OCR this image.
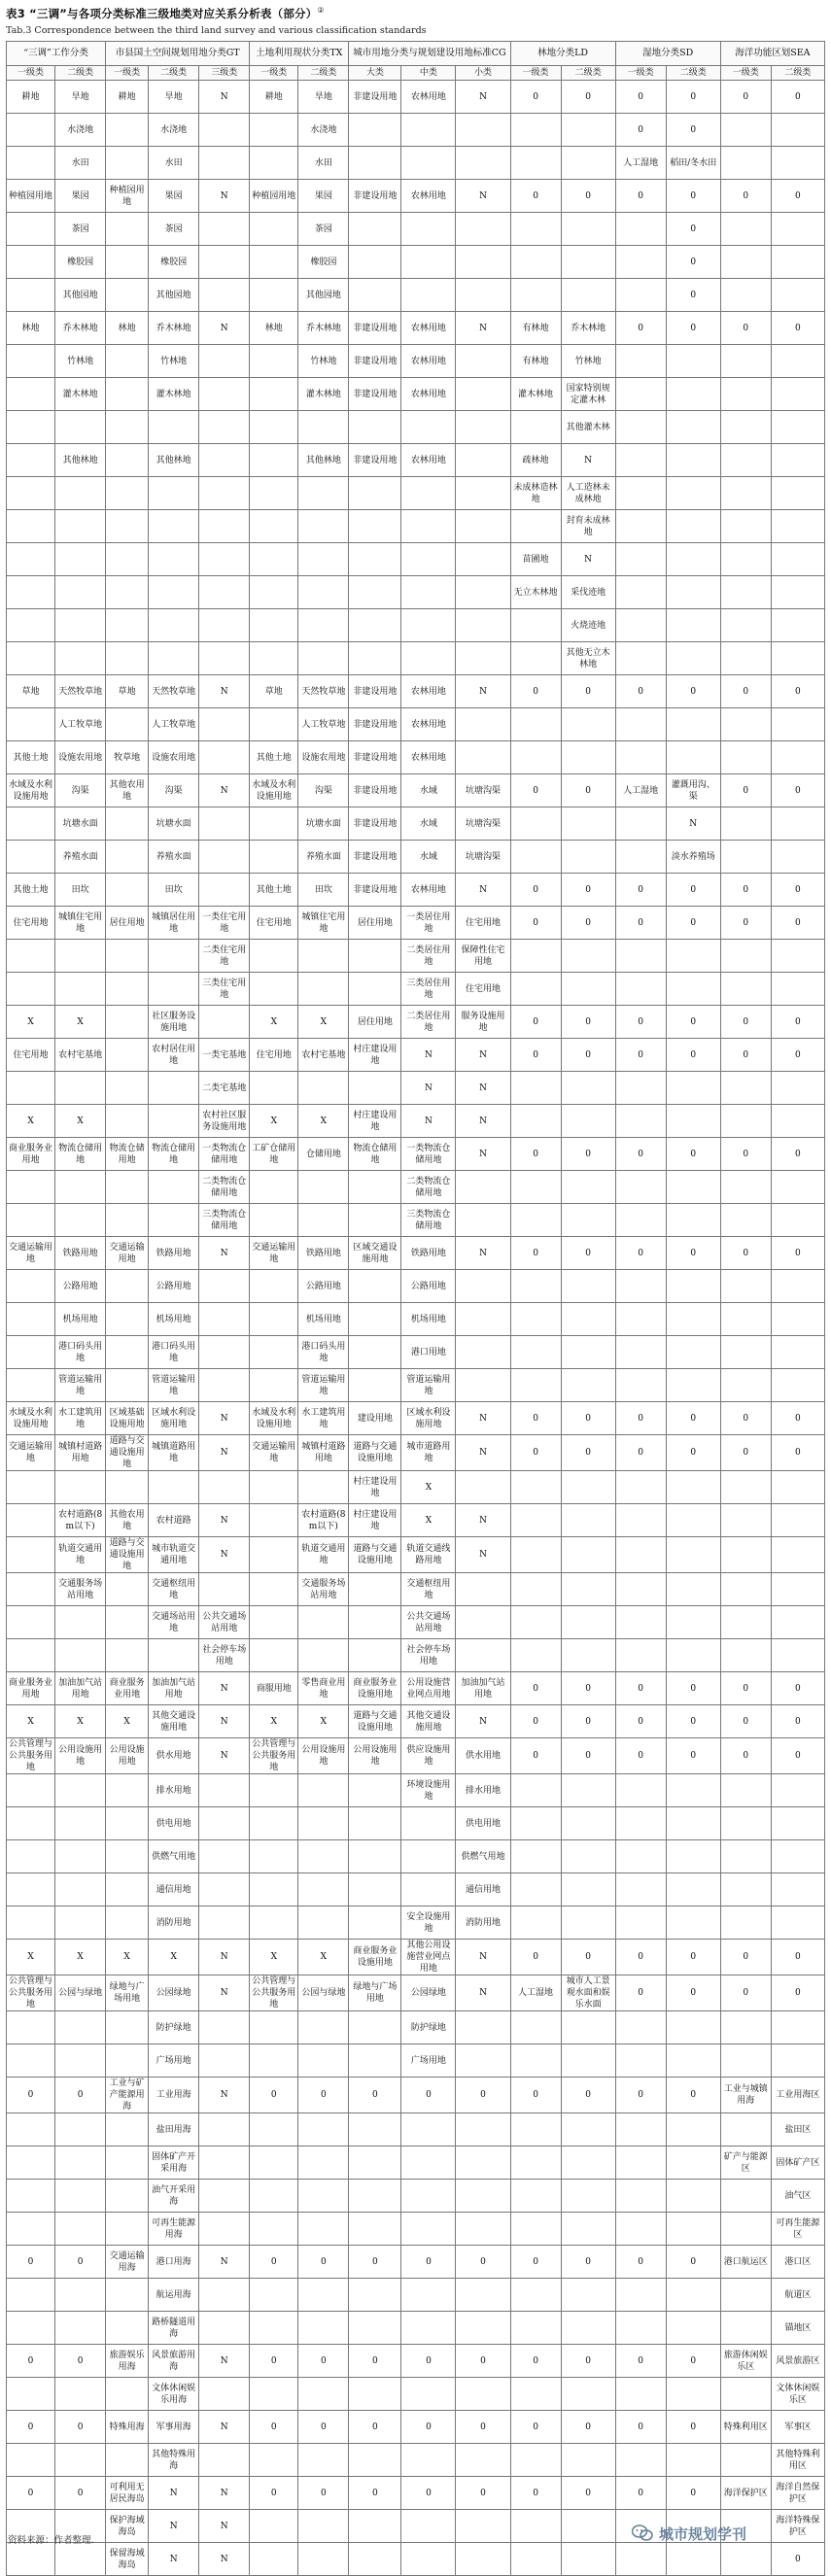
表3 “三调”与各项分类标准三级地类对应关系分析表（部分）②
Tab.3 Correspondence between the third land survey and various classification standards
“三调”工作分类		市县国土空间规划用地分类GT			土地利用现状分类TX		城市用地分类与规划建设用地标准CG			林地分类LD		湿地分类SD		海洋功能区划SEA	
一级类	二级类	一级类	二级类	三级类	一级类	二级类	大类	中类	小类	一级类	二级类	一级类	二级类	一级类	二级类
耕地	旱地	耕地	旱地	N	耕地	旱地	非建设用地	农林用地	N	0	0	0	0	0	0
	水浇地		水浇地			水浇地						0	0		
	水田		水田			水田						人工湿地	稻田/冬水田		
种植园用地	果园	种植园用地	果园	N	种植园用地	果园	非建设用地	农林用地	N	0	0	0	0	0	0
	茶园		茶园			茶园							0		
	橡胶园		橡胶园			橡胶园							0		
	其他园地		其他园地			其他园地							0		
林地	乔木林地	林地	乔木林地	N	林地	乔木林地	非建设用地	农林用地	N	有林地	乔木林地	0	0	0	0
	竹林地		竹林地			竹林地	非建设用地	农林用地		有林地	竹林地				
	灌木林地		灌木林地			灌木林地	非建设用地	农林用地		灌木林地	国家特别规定灌木林				
											其他灌木林				
	其他林地		其他林地			其他林地	非建设用地	农林用地		疏林地	N				
										未成林造林地	人工造林未成林地				
											封育未成林地				
										苗圃地	N				
										无立木林地	采伐迹地				
											火烧迹地				
											其他无立木林地				
草地	天然牧草地	草地	天然牧草地	N	草地	天然牧草地	非建设用地	农林用地	N	0	0	0	0	0	0
	人工牧草地		人工牧草地			人工牧草地	非建设用地	农林用地							
其他土地	设施农用地	牧草地	设施农用地		其他土地	设施农用地	非建设用地	农林用地							
水域及水利设施用地	沟渠	其他农用地	沟渠	N	水域及水利设施用地	沟渠	非建设用地	水域	坑塘沟渠	0	0	人工湿地	灌溉用沟、渠	0	0
	坑塘水面		坑塘水面			坑塘水面	非建设用地	水域	坑塘沟渠				N		
	养殖水面		养殖水面			养殖水面	非建设用地	水域	坑塘沟渠				淡水养殖场		
其他土地	田坎		田坎		其他土地	田坎	非建设用地	农林用地	N	0	0	0	0	0	0
住宅用地	城镇住宅用地	居住用地	城镇居住用地	一类住宅用地	住宅用地	城镇住宅用地	居住用地	一类居住用地	住宅用地	0	0	0	0	0	0
				二类住宅用地				二类居住用地	保障性住宅用地						
				三类住宅用地				三类居住用地	住宅用地						
X	X		社区服务设施用地		X	X	居住用地	二类居住用地	服务设施用地	0	0	0	0	0	0
住宅用地	农村宅基地		农村居住用地	一类宅基地	住宅用地	农村宅基地	村庄建设用地	N	N	0	0	0	0	0	0
				二类宅基地				N	N						
X	X			农村社区服务设施用地	X	X	村庄建设用地	N	N						
商业服务业用地	物流仓储用地	物流仓储用地	物流仓储用地	一类物流仓储用地	工矿仓储用地	仓储用地	物流仓储用地	一类物流仓储用地	N	0	0	0	0	0	0
				二类物流仓储用地				二类物流仓储用地							
				三类物流仓储用地				三类物流仓储用地							
交通运输用地	铁路用地	交通运输用地	铁路用地	N	交通运输用地	铁路用地	区域交通设施用地	铁路用地	N	0	0	0	0	0	0
	公路用地		公路用地			公路用地		公路用地							
	机场用地		机场用地			机场用地		机场用地							
	港口码头用地		港口码头用地			港口码头用地		港口用地							
	管道运输用地		管道运输用地			管道运输用地		管道运输用地							
水域及水利设施用地	水工建筑用地	区域基础设施用地	区域水利设施用地	N	水域及水利设施用地	水工建筑用地	建设用地	区域水利设施用地	N	0	0	0	0	0	0
交通运输用地	城镇村道路用地	道路与交通设施用地	城镇道路用地	N	交通运输用地	城镇村道路用地	道路与交通设施用地	城市道路用地	N	0	0	0	0	0	0
							村庄建设用地	X							
	农村道路(8m以下)	其他农用地	农村道路	N		农村道路(8m以下)	村庄建设用地	X	N						
	轨道交通用地	道路与交通设施用地	城市轨道交通用地	N		轨道交通用地	道路与交通设施用地	轨道交通线路用地	N						
	交通服务场站用地		交通枢纽用地			交通服务场站用地		交通枢纽用地							
			交通场站用地	公共交通场站用地				公共交通场站用地							
				社会停车场用地				社会停车场用地							
商业服务业用地	加油加气站用地	商业服务业用地	加油加气站用地	N	商服用地	零售商业用地	商业服务业设施用地	公用设施营业网点用地	加油加气站用地	0	0	0	0	0	0
X	X	X	其他交通设施用地	N	X	X	道路与交通设施用地	其他交通设施用地	N	0	0	0	0	0	0
公共管理与公共服务用地	公用设施用地	公用设施用地	供水用地	N	公共管理与公共服务用地	公用设施用地	公用设施用地	供应设施用地	供水用地	0	0	0	0	0	0
			排水用地					环境设施用地	排水用地						
			供电用地						供电用地						
			供燃气用地						供燃气用地						
			通信用地						通信用地						
			消防用地					安全设施用地	消防用地						
X	X	X	X	N	X	X	商业服务业设施用地	其他公用设施营业网点用地	N	0	0	0	0	0	0
公共管理与公共服务用地	公园与绿地	绿地与广场用地	公园绿地	N	公共管理与公共服务用地	公园与绿地	绿地与广场用地	公园绿地	N	人工湿地	城市人工景观水面和娱乐水面	0	0	0	0
			防护绿地					防护绿地							
			广场用地					广场用地							
0	0	工业与矿产能源用海	工业用海	N	0	0	0	0	0	0	0	0	0	工业与城镇用海	工业用海区
			盐田用海												盐田区
			固体矿产开采用海											矿产与能源区	固体矿产区
			油气开采用海												油气区
			可再生能源用海												可再生能源区
0	0	交通运输用海	港口用海	N	0	0	0	0	0	0	0	0	0	港口航运区	港口区
			航运用海												航道区
			路桥隧道用海												锚地区
0	0	旅游娱乐用海	风景旅游用海	N	0	0	0	0	0	0	0	0	0	旅游休闲娱乐区	风景旅游区
			文体休闲娱乐用海												文体休闲娱乐区
0	0	特殊用海	军事用海	N	0	0	0	0	0	0	0	0	0	特殊利用区	军事区
			其他特殊用海												其他特殊利用区
0	0	可利用无居民海岛	N	N	0	0	0	0	0	0	0	0	0	海洋保护区	海洋自然保护区
		保护海域海岛	N	N											海洋特殊保护区
		保留海域海岛	N	N											0
资料来源：作者整理.	城市规划学刊
